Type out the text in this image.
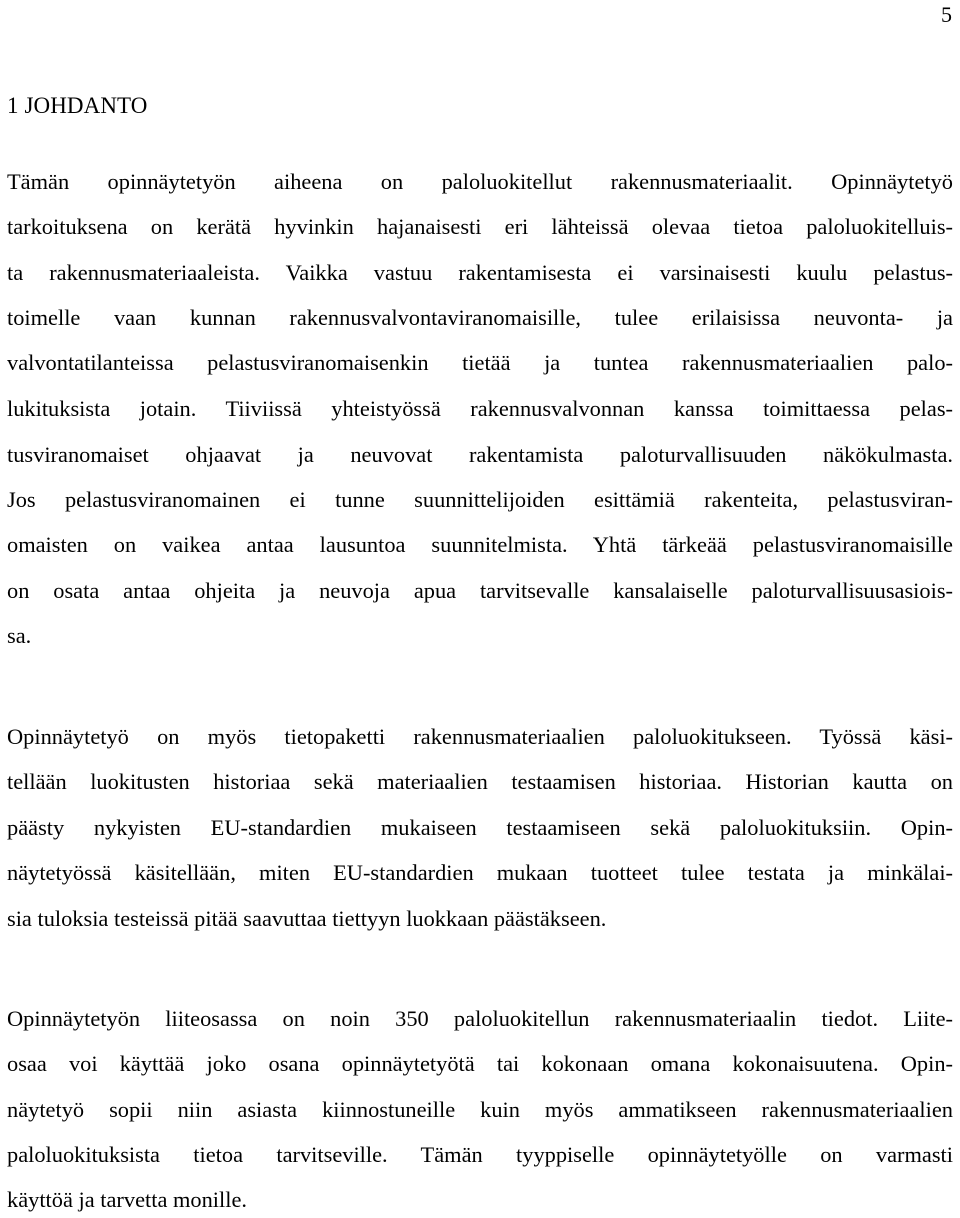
5
1 JOHDANTO
Tämän opinnäytetyön aiheena on paloluokitellut rakennusmateriaalit. Opinnäytetyö
tarkoituksena on kerätä hyvinkin hajanaisesti eri lähteissä olevaa tietoa paloluokitelluis-
ta rakennusmateriaaleista. Vaikka vastuu rakentamisesta ei varsinaisesti kuulu pelastus-
toimelle vaan kunnan rakennusvalvontaviranomaisille, tulee erilaisissa neuvonta- ja
valvontatilanteissa pelastusviranomaisenkin tietää ja tuntea rakennusmateriaalien palo-
lukituksista jotain. Tiiviissä yhteistyössä rakennusvalvonnan kanssa toimittaessa pelas-
tusviranomaiset ohjaavat ja neuvovat rakentamista paloturvallisuuden näkökulmasta.
Jos pelastusviranomainen ei tunne suunnittelijoiden esittämiä rakenteita, pelastusviran-
omaisten on vaikea antaa lausuntoa suunnitelmista. Yhtä tärkeää pelastusviranomaisille
on osata antaa ohjeita ja neuvoja apua tarvitsevalle kansalaiselle paloturvallisuusasiois-
sa.
Opinnäytetyö on myös tietopaketti rakennusmateriaalien paloluokitukseen. Työssä käsi-
tellään luokitusten historiaa sekä materiaalien testaamisen historiaa. Historian kautta on
päästy nykyisten EU-standardien mukaiseen testaamiseen sekä paloluokituksiin. Opin-
näytetyössä käsitellään, miten EU-standardien mukaan tuotteet tulee testata ja minkälai-
sia tuloksia testeissä pitää saavuttaa tiettyyn luokkaan päästäkseen.
Opinnäytetyön liiteosassa on noin 350 paloluokitellun rakennusmateriaalin tiedot. Liite-
osaa voi käyttää joko osana opinnäytetyötä tai kokonaan omana kokonaisuutena. Opin-
näytetyö sopii niin asiasta kiinnostuneille kuin myös ammatikseen rakennusmateriaalien
paloluokituksista tietoa tarvitseville. Tämän tyyppiselle opinnäytetyölle on varmasti
käyttöä ja tarvetta monille.
